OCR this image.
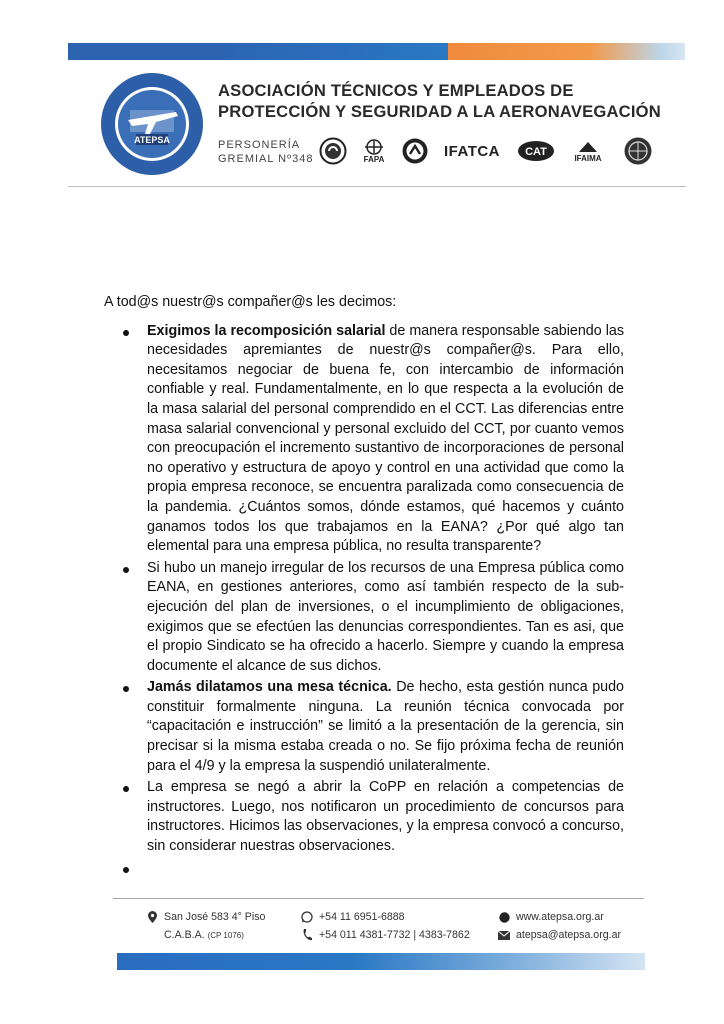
ATEPSA
ASOCIACIÓN TÉCNICOS Y EMPLEADOS DE
PROTECCIÓN Y SEGURIDAD A LA AERONAVEGACIÓN
PERSONERÍA
GREMIAL Nº348	FAPA	IFATCA CAT	IFAIMA

A tod@s nuestr@s compañer@s les decimos:

Exigimos la recomposición salarial de manera responsable sabiendo las necesidades apremiantes de nuestr@s compañer@s. Para ello, necesitamos negociar de buena fe, con intercambio de información confiable y real. Fundamentalmente, en lo que respecta a la evolución de la masa salarial del personal comprendido en el CCT. Las diferencias entre masa salarial convencional y personal excluido del CCT, por cuanto vemos con preocupación el incremento sustantivo de incorporaciones de personal no operativo y estructura de apoyo y control en una actividad que como la propia empresa reconoce, se encuentra paralizada como consecuencia de la pandemia. ¿Cuántos somos, dónde estamos, qué hacemos y cuánto ganamos todos los que trabajamos en la EANA? ¿Por qué algo tan elemental para una empresa pública, no resulta transparente?
Si hubo un manejo irregular de los recursos de una Empresa pública como EANA, en gestiones anteriores, como así también respecto de la sub-ejecución del plan de inversiones, o el incumplimiento de obligaciones, exigimos que se efectúen las denuncias correspondientes. Tan es asi, que el propio Sindicato se ha ofrecido a hacerlo. Siempre y cuando la empresa documente el alcance de sus dichos.
Jamás dilatamos una mesa técnica. De hecho, esta gestión nunca pudo constituir formalmente ninguna. La reunión técnica convocada por “capacitación e instrucción” se limitó a la presentación de la gerencia, sin precisar si la misma estaba creada o no. Se fijo próxima fecha de reunión para el 4/9 y la empresa la suspendió unilateralmente.
La empresa se negó a abrir la CoPP en relación a competencias de instructores. Luego, nos notificaron un procedimiento de concursos para instructores. Hicimos las observaciones, y la empresa convocó a concurso, sin considerar nuestras observaciones.
San José 583 4° Piso
C.A.B.A.
(CP 1076)
+54 11 6951-6888
+54 011 4381-7732 | 4383-7862
www.atepsa.org.ar
atepsa@atepsa.org.ar
